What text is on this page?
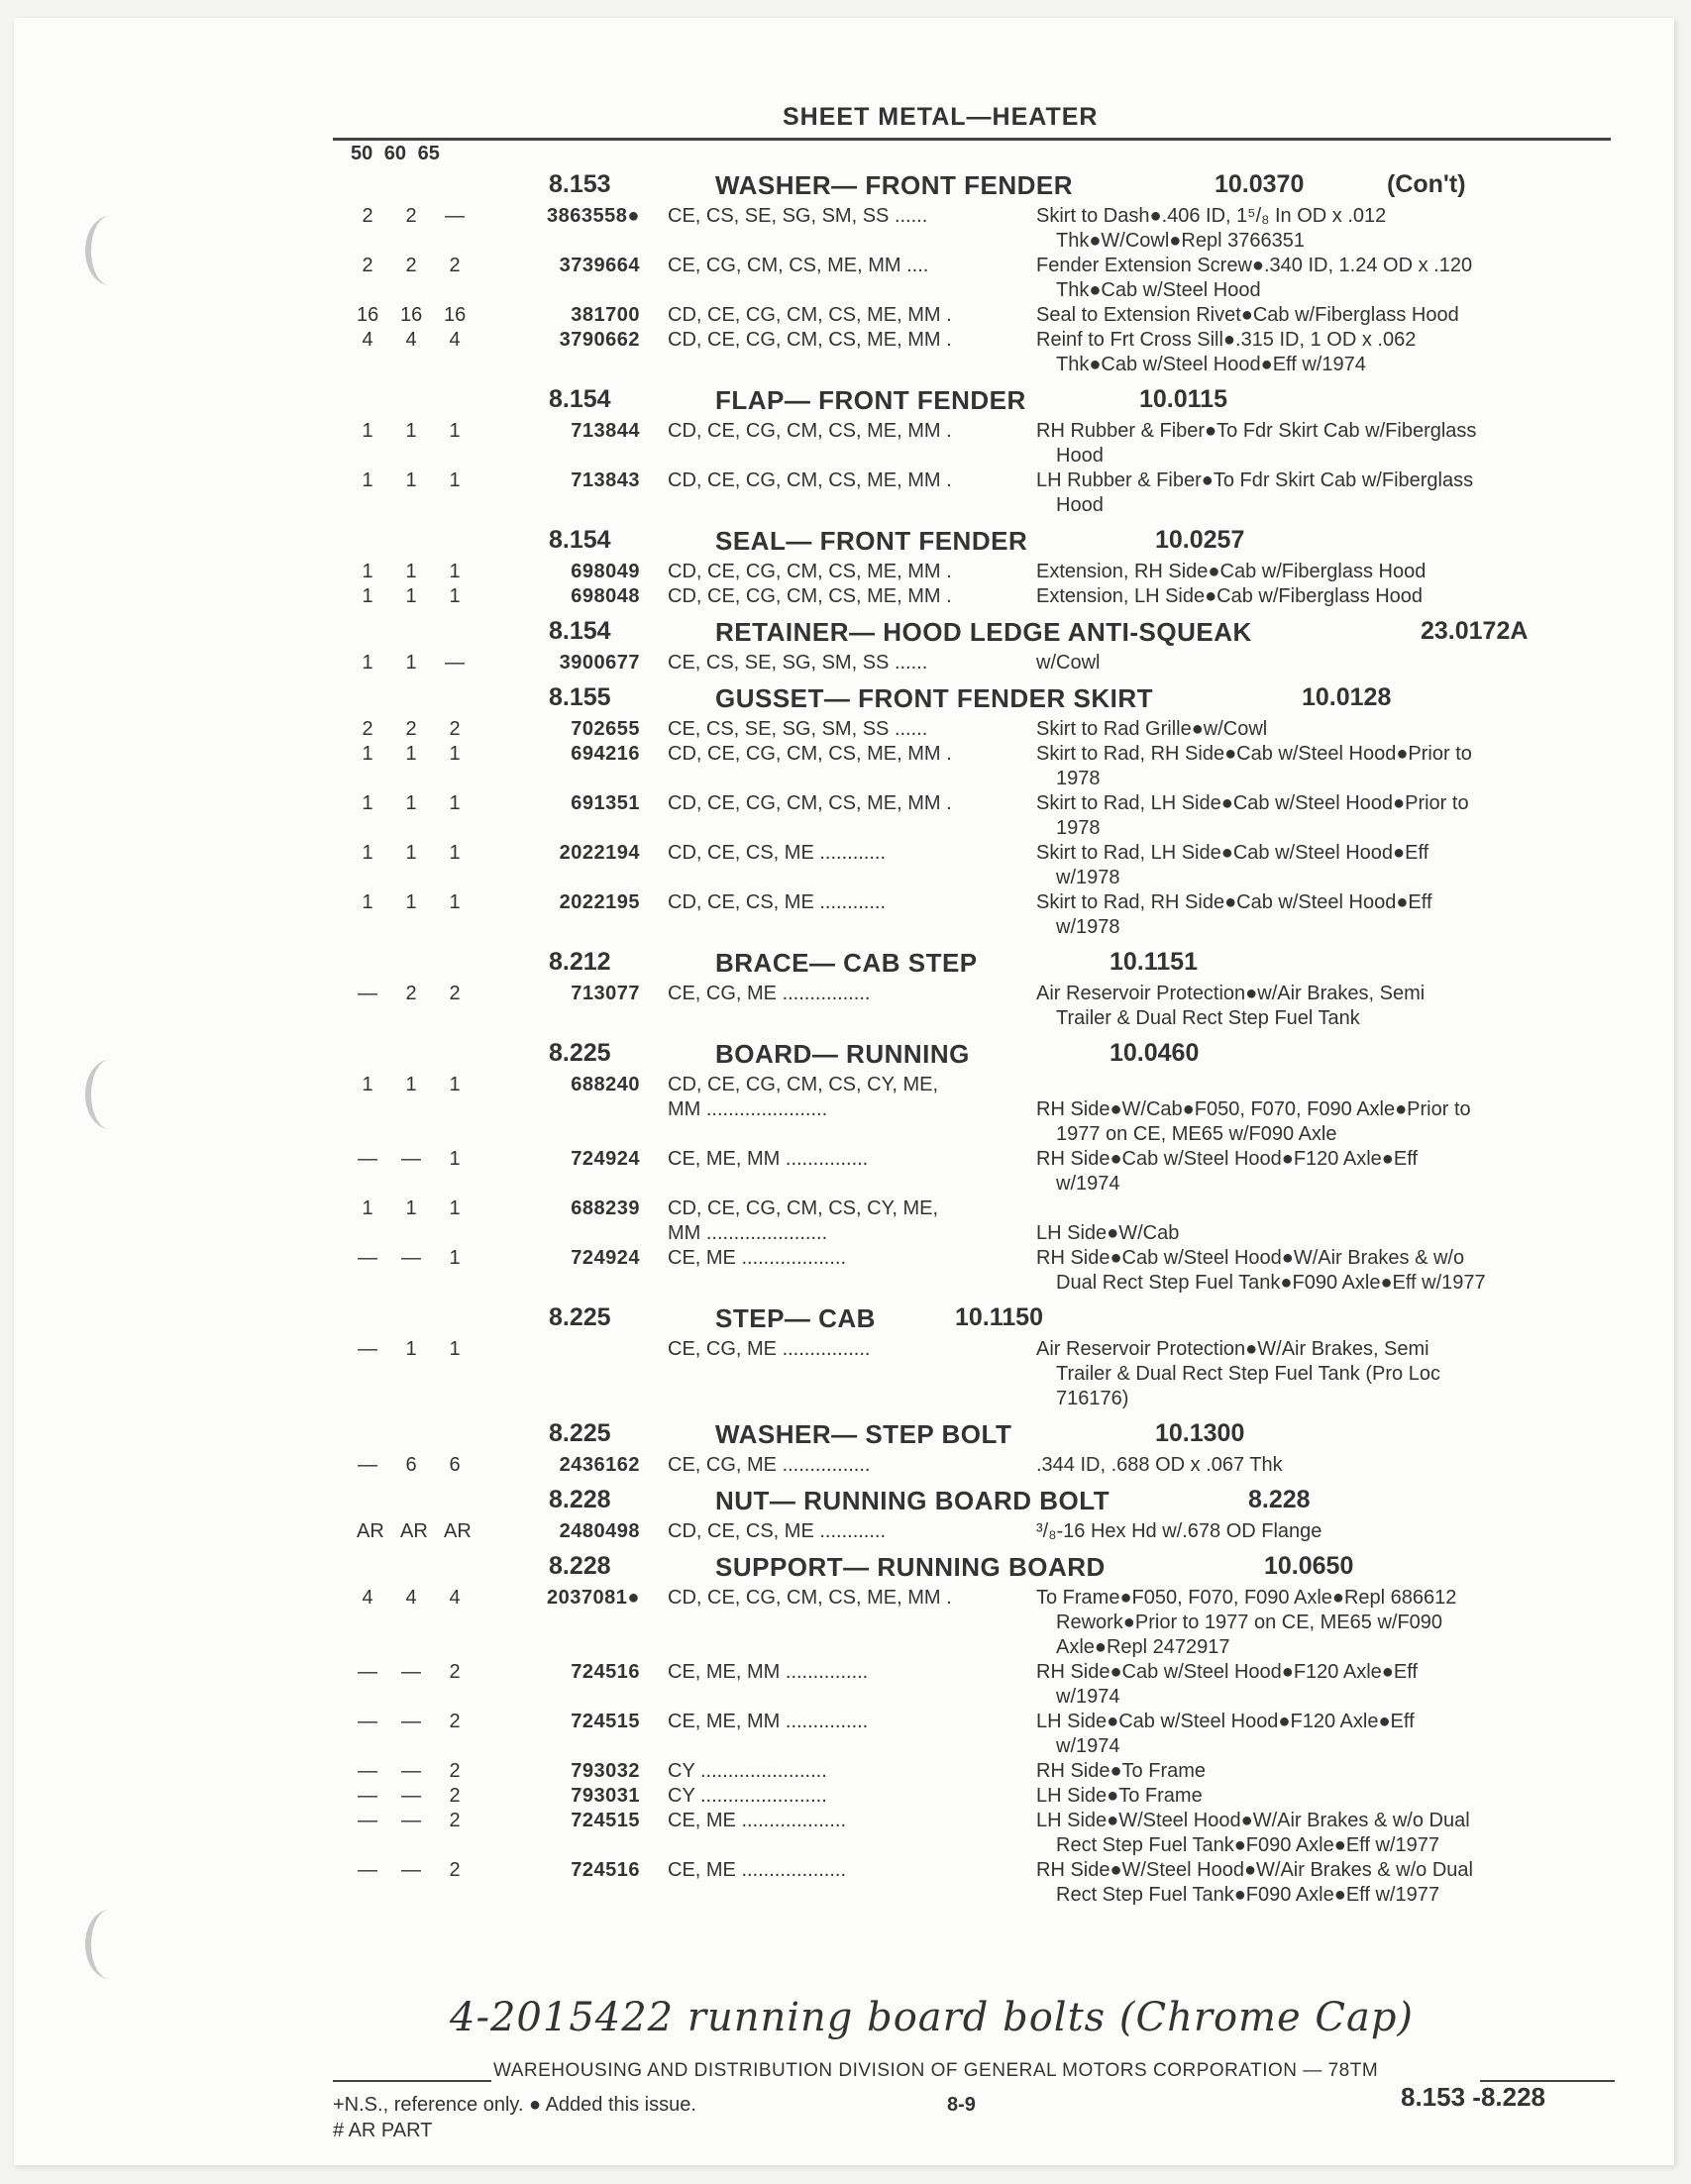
SHEET METAL—HEATER
50 60 65
8.153	WASHER— FRONT FENDER	10.0370	(Con't)
2 2 —	3863558● CE, CS, SE, SG, SM, SS ......	Skirt to Dash●.406 ID, 1⁵/₈ In OD x .012
Thk●W/Cowl●Repl 3766351
2 2 2	3739664 CE, CG, CM, CS, ME, MM ....	Fender Extension Screw●.340 ID, 1.24 OD x .120
Thk●Cab w/Steel Hood
16 16 16	381700 CD, CE, CG, CM, CS, ME, MM .	Seal to Extension Rivet●Cab w/Fiberglass Hood
4 4 4	3790662 CD, CE, CG, CM, CS, ME, MM .	Reinf to Frt Cross Sill●.315 ID, 1 OD x .062
Thk●Cab w/Steel Hood●Eff w/1974
8.154	FLAP— FRONT FENDER	10.0115
1 1 1	713844 CD, CE, CG, CM, CS, ME, MM .	RH Rubber & Fiber●To Fdr Skirt Cab w/Fiberglass
Hood
1 1 1	713843 CD, CE, CG, CM, CS, ME, MM .	LH Rubber & Fiber●To Fdr Skirt Cab w/Fiberglass
Hood
8.154	SEAL— FRONT FENDER	10.0257
1 1 1	698049 CD, CE, CG, CM, CS, ME, MM .	Extension, RH Side●Cab w/Fiberglass Hood
1 1 1	698048 CD, CE, CG, CM, CS, ME, MM .	Extension, LH Side●Cab w/Fiberglass Hood
8.154	RETAINER— HOOD LEDGE ANTI-SQUEAK	23.0172A
1 1 —	3900677 CE, CS, SE, SG, SM, SS ......	w/Cowl
8.155	GUSSET— FRONT FENDER SKIRT	10.0128
2 2 2	702655 CE, CS, SE, SG, SM, SS ......	Skirt to Rad Grille●w/Cowl
1 1 1	694216 CD, CE, CG, CM, CS, ME, MM .	Skirt to Rad, RH Side●Cab w/Steel Hood●Prior to
1978
1 1 1	691351 CD, CE, CG, CM, CS, ME, MM .	Skirt to Rad, LH Side●Cab w/Steel Hood●Prior to
1978
1 1 1	2022194 CD, CE, CS, ME ............	Skirt to Rad, LH Side●Cab w/Steel Hood●Eff
w/1978
1 1 1	2022195 CD, CE, CS, ME ............	Skirt to Rad, RH Side●Cab w/Steel Hood●Eff
w/1978
8.212	BRACE— CAB STEP	10.1151
— 2 2	713077 CE, CG, ME ................	Air Reservoir Protection●w/Air Brakes, Semi
Trailer & Dual Rect Step Fuel Tank
8.225	BOARD— RUNNING	10.0460
1 1 1	688240 CD, CE, CG, CM, CS, CY, ME,
MM ......................
	RH Side●W/Cab●F050, F070, F090 Axle●Prior to
1977 on CE, ME65 w/F090 Axle
— — 1	724924 CE, ME, MM ...............	RH Side●Cab w/Steel Hood●F120 Axle●Eff
w/1974
1 1 1	688239 CD, CE, CG, CM, CS, CY, ME,
MM ......................
	LH Side●W/Cab
— — 1	724924 CE, ME ...................	RH Side●Cab w/Steel Hood●W/Air Brakes & w/o
Dual Rect Step Fuel Tank●F090 Axle●Eff w/1977
8.225	STEP— CAB	10.1150
— 1 1	CE, CG, ME ................	Air Reservoir Protection●W/Air Brakes, Semi
Trailer & Dual Rect Step Fuel Tank (Pro Loc
716176)
8.225	WASHER— STEP BOLT	10.1300
— 6 6	2436162 CE, CG, ME ................	.344 ID, .688 OD x .067 Thk
8.228	NUT— RUNNING BOARD BOLT	8.228
AR AR AR	2480498 CD, CE, CS, ME ............	³/₈-16 Hex Hd w/.678 OD Flange
8.228	SUPPORT— RUNNING BOARD	10.0650
4 4 4	2037081● CD, CE, CG, CM, CS, ME, MM .	To Frame●F050, F070, F090 Axle●Repl 686612
Rework●Prior to 1977 on CE, ME65 w/F090
Axle●Repl 2472917
— — 2	724516 CE, ME, MM ...............	RH Side●Cab w/Steel Hood●F120 Axle●Eff
w/1974
— — 2	724515 CE, ME, MM ...............	LH Side●Cab w/Steel Hood●F120 Axle●Eff
w/1974
— — 2	793032 CY .......................	RH Side●To Frame
— — 2	793031 CY .......................	LH Side●To Frame
— — 2	724515 CE, ME ...................	LH Side●W/Steel Hood●W/Air Brakes & w/o Dual
Rect Step Fuel Tank●F090 Axle●Eff w/1977
— — 2	724516 CE, ME ...................	RH Side●W/Steel Hood●W/Air Brakes & w/o Dual
Rect Step Fuel Tank●F090 Axle●Eff w/1977
4-2015422 running board bolts (Chrome Cap)
WAREHOUSING AND DISTRIBUTION DIVISION OF GENERAL MOTORS CORPORATION — 78TM
+N.S., reference only. ● Added this issue.	8-9	8.153 -8.228
# AR PART
